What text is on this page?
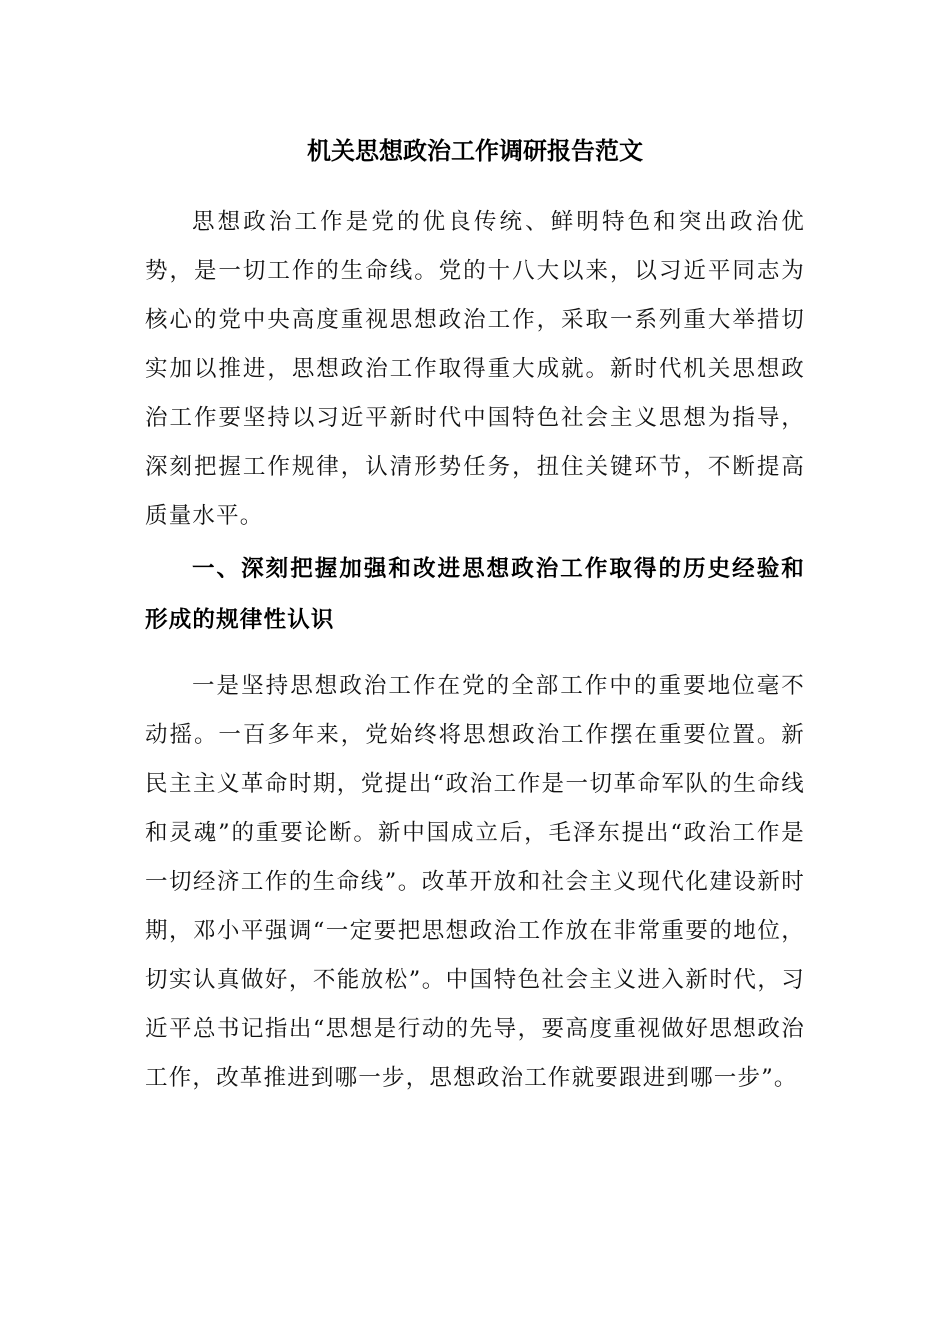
机关思想政治工作调研报告范文

思想政治工作是党的优良传统、鲜明特色和突出政治优势，是一切工作的生命线。党的十八大以来，以习近平同志为核心的党中央高度重视思想政治工作，采取一系列重大举措切实加以推进，思想政治工作取得重大成就。新时代机关思想政治工作要坚持以习近平新时代中国特色社会主义思想为指导，深刻把握工作规律，认清形势任务，扭住关键环节，不断提高质量水平。

一、深刻把握加强和改进思想政治工作取得的历史经验和形成的规律性认识

一是坚持思想政治工作在党的全部工作中的重要地位毫不动摇。一百多年来，党始终将思想政治工作摆在重要位置。新民主主义革命时期，党提出“政治工作是一切革命军队的生命线和灵魂”的重要论断。新中国成立后，毛泽东提出“政治工作是一切经济工作的生命线”。改革开放和社会主义现代化建设新时期，邓小平强调“一定要把思想政治工作放在非常重要的地位，切实认真做好，不能放松”。中国特色社会主义进入新时代，习近平总书记指出“思想是行动的先导，要高度重视做好思想政治工作，改革推进到哪一步，思想政治工作就要跟进到哪一步”。
